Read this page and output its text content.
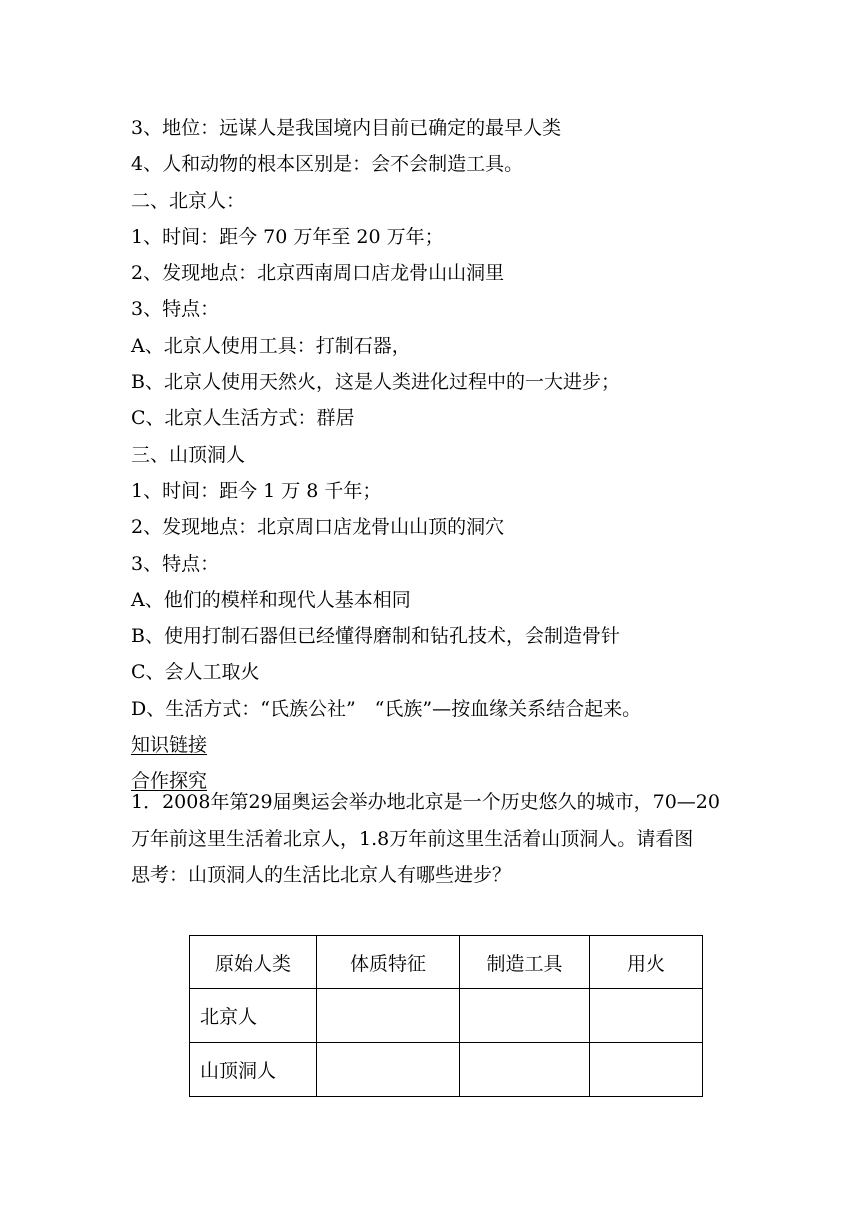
3、地位：远谋人是我国境内目前已确定的最早人类
4、人和动物的根本区别是：会不会制造工具。
二、北京人：
1、时间：距今 70 万年至 20 万年；
2、发现地点：北京西南周口店龙骨山山洞里
3、特点：
A、北京人使用工具：打制石器，
B、北京人使用天然火，这是人类进化过程中的一大进步；
C、北京人生活方式：群居
三、山顶洞人
1、时间：距今 1 万 8 千年；
2、发现地点：北京周口店龙骨山山顶的洞穴
3、特点：
A、他们的模样和现代人基本相同
B、使用打制石器但已经懂得磨制和钻孔技术，会制造骨针
C、会人工取火
D、生活方式：“氏族公社”　“氏族”—按血缘关系结合起来。
知识链接
合作探究
1．2008年第29届奥运会举办地北京是一个历史悠久的城市，70—20
万年前这里生活着北京人，1.8万年前这里生活着山顶洞人。请看图
思考：山顶洞人的生活比北京人有哪些进步？
原始人类	体质特征	制造工具	用火
北京人			
山顶洞人			
